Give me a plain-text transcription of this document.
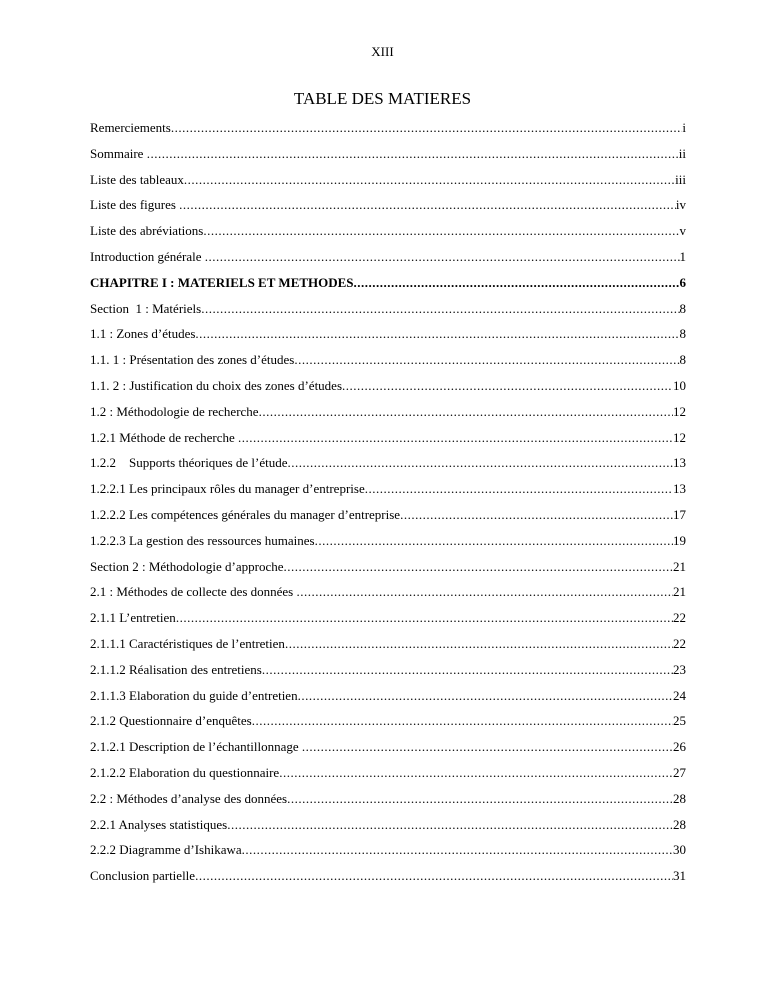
XIII
TABLE DES MATIERES
Remerciements .....	i
Sommaire .....	ii
Liste des tableaux .....	iii
Liste des figures .....	iv
Liste des abréviations .....	v
Introduction générale .....	1
CHAPITRE I : MATERIELS ET METHODES .....	6
Section  1 : Matériels .....	8
1.1 : Zones d’études .....	8
1.1. 1 : Présentation des zones d’études .....	8
1.1. 2 : Justification du choix des zones d’études .....	10
1.2 : Méthodologie de recherche .....	12
1.2.1 Méthode de recherche .....	12
1.2.2    Supports théoriques de l’étude .....	13
1.2.2.1 Les principaux rôles du manager d’entreprise .....	13
1.2.2.2 Les compétences générales du manager d’entreprise .....	17
1.2.2.3 La gestion des ressources humaines .....	19
Section 2 : Méthodologie d’approche .....	21
2.1 : Méthodes de collecte des données .....	21
2.1.1 L’entretien .....	22
2.1.1.1 Caractéristiques de l’entretien .....	22
2.1.1.2 Réalisation des entretiens .....	23
2.1.1.3 Elaboration du guide d’entretien .....	24
2.1.2 Questionnaire d’enquêtes .....	25
2.1.2.1 Description de l’échantillonnage .....	26
2.1.2.2 Elaboration du questionnaire .....	27
2.2 : Méthodes d’analyse des données .....	28
2.2.1 Analyses statistiques .....	28
2.2.2 Diagramme d’Ishikawa .....	30
Conclusion partielle .....	31
